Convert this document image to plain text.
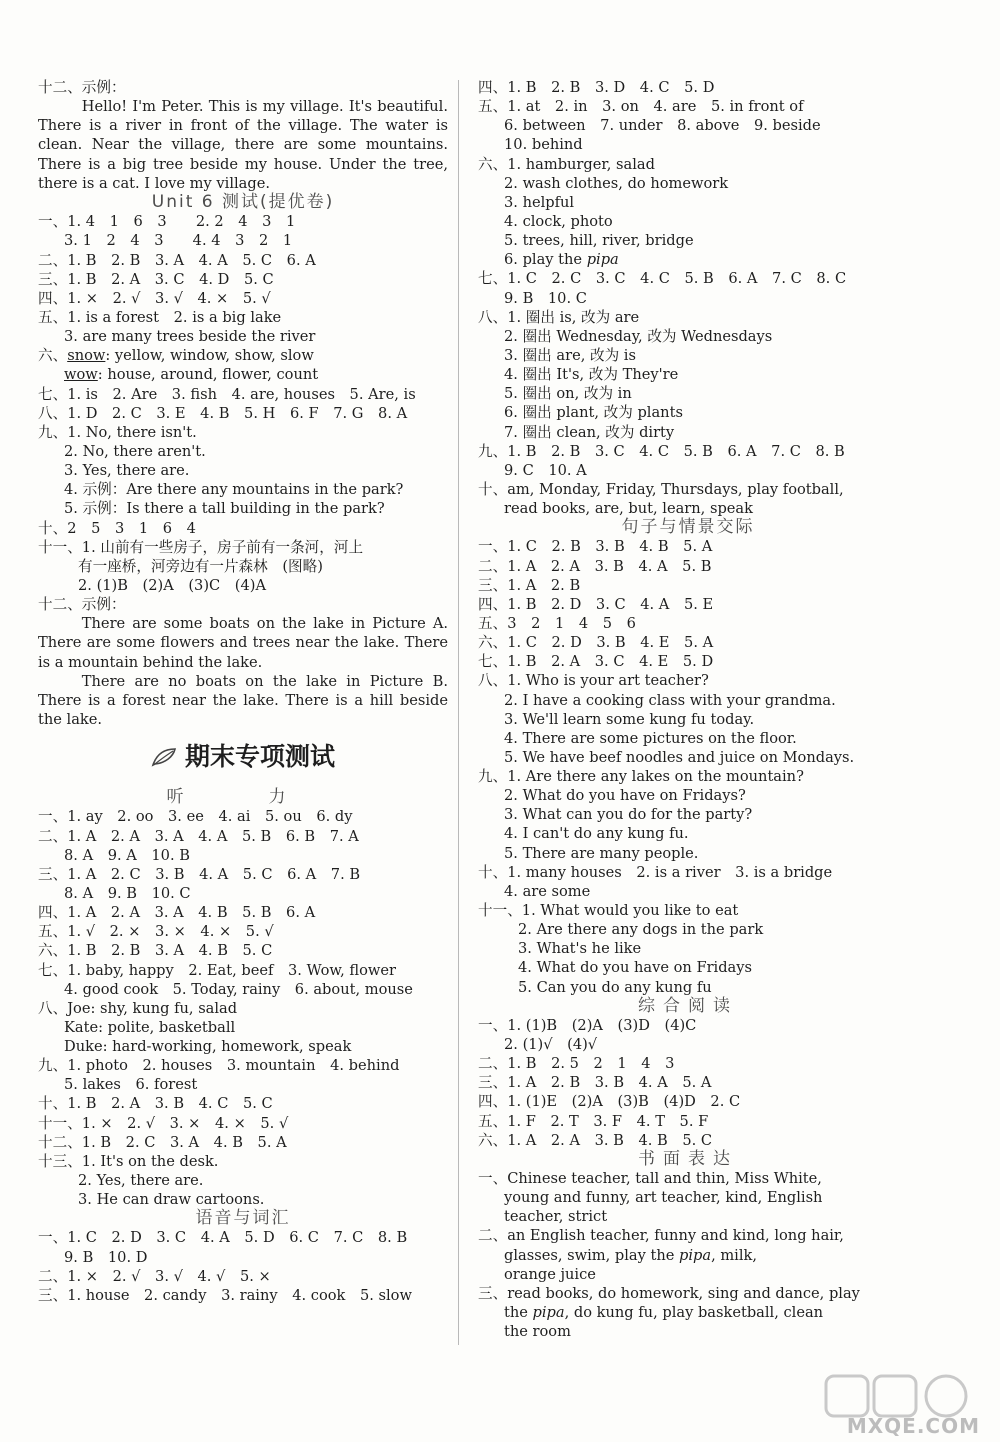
十二、示例：

Hello! I'm Peter. This is my village. It's beautiful. There is a river in front of the village. The water is clean. Near the village, there are some mountains. There is a big tree beside my house. Under the tree, there is a cat. I love my village.

Unit 6 测试(提优卷)
一、1. 4　1　6　3　　2. 2　4　3　1
3. 1　2　4　3　　4. 4　3　2　1
二、1. B　2. B　3. A　4. A　5. C　6. A
三、1. B　2. A　3. C　4. D　5. C
四、1. ×　2. √　3. √　4. ×　5. √
五、1. is a forest　2. is a big lake
3. are many trees beside the river
六、snow: yellow, window, show, slow
wow: house, around, flower, count
七、1. is　2. Are　3. fish　4. are, houses　5. Are, is
八、1. D　2. C　3. E　4. B　5. H　6. F　7. G　8. A
九、1. No, there isn't.
2. No, there aren't.
3. Yes, there are.
4. 示例：Are there any mountains in the park?
5. 示例：Is there a tall building in the park?
十、2　5　3　1　6　4
十一、1. 山前有一些房子，房子前有一条河，河上
有一座桥，河旁边有一片森林　(图略)
2. (1)B　(2)A　(3)C　(4)A
十二、示例：

There are some boats on the lake in Picture A. There are some flowers and trees near the lake. There is a mountain behind the lake.

There are no boats on the lake in Picture B. There is a forest near the lake. There is a hill beside the lake.

期末专项测试
听　力
一、1. ay　2. oo　3. ee　4. ai　5. ou　6. dy
二、1. A　2. A　3. A　4. A　5. B　6. B　7. A
8. A　9. A　10. B
三、1. A　2. C　3. B　4. A　5. C　6. A　7. B
8. A　9. B　10. C
四、1. A　2. A　3. A　4. B　5. B　6. A
五、1. √　2. ×　3. ×　4. ×　5. √
六、1. B　2. B　3. A　4. B　5. C
七、1. baby, happy　2. Eat, beef　3. Wow, flower
4. good cook　5. Today, rainy　6. about, mouse
八、Joe: shy, kung fu, salad
Kate: polite, basketball
Duke: hard-working, homework, speak
九、1. photo　2. houses　3. mountain　4. behind
5. lakes　6. forest
十、1. B　2. A　3. B　4. C　5. C
十一、1. ×　2. √　3. ×　4. ×　5. √
十二、1. B　2. C　3. A　4. B　5. A
十三、1. It's on the desk.
2. Yes, there are.
3. He can draw cartoons.
语音与词汇
一、1. C　2. D　3. C　4. A　5. D　6. C　7. C　8. B
9. B　10. D
二、1. ×　2. √　3. √　4. √　5. ×
三、1. house　2. candy　3. rainy　4. cook　5. slow
四、1. B　2. B　3. D　4. C　5. D
五、1. at　2. in　3. on　4. are　5. in front of
6. between　7. under　8. above　9. beside
10. behind
六、1. hamburger, salad
2. wash clothes, do homework
3. helpful
4. clock, photo
5. trees, hill, river, bridge
6. play the pipa
七、1. C　2. C　3. C　4. C　5. B　6. A　7. C　8. C
9. B　10. C
八、1. 圈出 is, 改为 are
2. 圈出 Wednesday, 改为 Wednesdays
3. 圈出 are, 改为 is
4. 圈出 It's, 改为 They're
5. 圈出 on, 改为 in
6. 圈出 plant, 改为 plants
7. 圈出 clean, 改为 dirty
九、1. B　2. B　3. C　4. C　5. B　6. A　7. C　8. B
9. C　10. A
十、am, Monday, Friday, Thursdays, play football,
read books, are, but, learn, speak
句子与情景交际
一、1. C　2. B　3. B　4. B　5. A
二、1. A　2. A　3. B　4. A　5. B
三、1. A　2. B
四、1. B　2. D　3. C　4. A　5. E
五、3　2　1　4　5　6
六、1. C　2. D　3. B　4. E　5. A
七、1. B　2. A　3. C　4. E　5. D
八、1. Who is your art teacher?
2. I have a cooking class with your grandma.
3. We'll learn some kung fu today.
4. There are some pictures on the floor.
5. We have beef noodles and juice on Mondays.
九、1. Are there any lakes on the mountain?
2. What do you have on Fridays?
3. What can you do for the party?
4. I can't do any kung fu.
5. There are many people.
十、1. many houses　2. is a river　3. is a bridge
4. are some
十一、1. What would you like to eat
2. Are there any dogs in the park
3. What's he like
4. What do you have on Fridays
5. Can you do any kung fu
综合阅读
一、1. (1)B　(2)A　(3)D　(4)C
2. (1)√　(4)√
二、1. B　2. 5　2　1　4　3
三、1. A　2. B　3. B　4. A　5. A
四、1. (1)E　(2)A　(3)B　(4)D　2. C
五、1. F　2. T　3. F　4. T　5. F
六、1. A　2. A　3. B　4. B　5. C
书面表达
一、Chinese teacher, tall and thin, Miss White,
young and funny, art teacher, kind, English
teacher, strict
二、an English teacher, funny and kind, long hair,
glasses, swim, play the pipa, milk,
orange juice
三、read books, do homework, sing and dance, play
the pipa, do kung fu, play basketball, clean
the room
MXQE.COM
